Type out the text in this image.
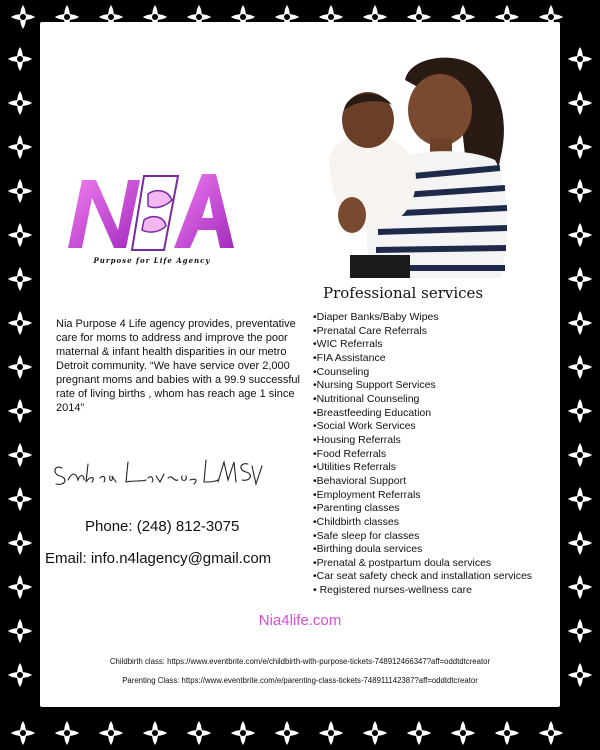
Purpose for Life Agency

Nia Purpose 4 Life agency provides, preventative care for moms to address and improve the poor maternal & infant health disparities in our metro Detroit community. “We have service over 2,000 pregnant moms and babies with a 99.9 successful rate of living births , whom has reach age 1 since 2014”

Phone: (248) 812-3075
Email: info.n4lagency@gmail.com
Professional services
•Diaper Banks/Baby Wipes
•Prenatal Care Referrals
•WIC Referrals
•FIA Assistance
•Counseling
•Nursing Support Services
•Nutritional Counseling
•Breastfeeding Education
•Social Work Services
•Housing Referrals
•Food Referrals
•Utilities Referrals
•Behavioral Support
•Employment Referrals
•Parenting classes
•Childbirth classes
•Safe sleep for classes
•Birthing doula services
•Prenatal & postpartum doula services
•Car seat safety check and installation services
• Registered nurses-wellness care
Nia4life.com
Childbirth class: https://www.eventbrite.com/e/childbirth-with-purpose-tickets-748912466347?aff=oddtdtcreator
Parenting Class: https://www.eventbrite.com/e/parenting-class-tickets-748911142387?aff=oddtdtcreator
